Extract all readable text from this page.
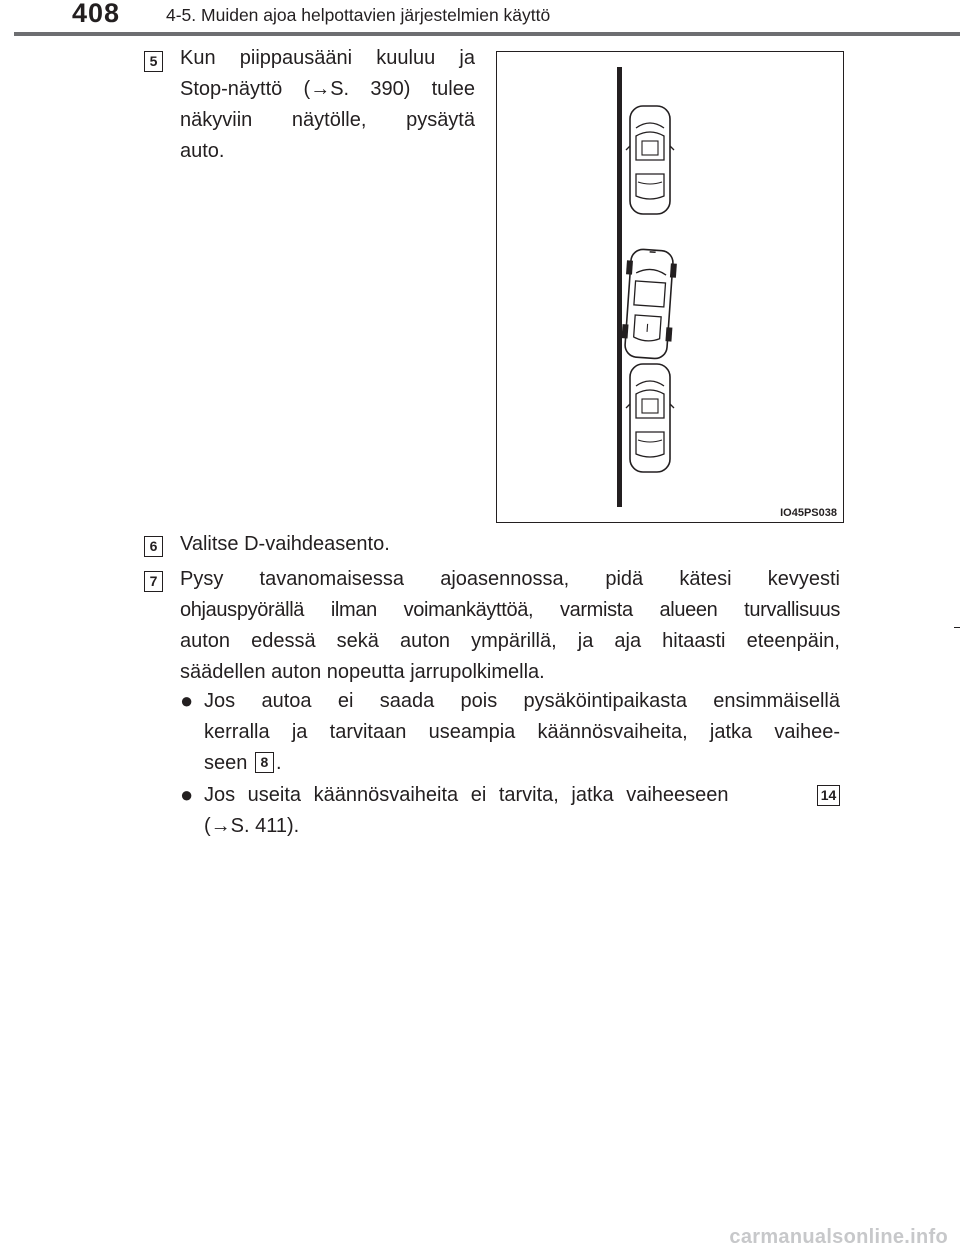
408	4-5. Muiden ajoa helpottavien järjestelmien käyttö
5 Kun piippausääni kuuluu ja
Stop-näyttö (→S. 390) tulee
näkyviin näytölle, pysäytä
auto.
IO45PS038
6 Valitse D-vaihdeasento.
7 Pysy tavanomaisessa ajoasennossa, pidä kätesi kevyesti
ohjauspyörällä ilman voimankäyttöä, varmista alueen turvallisuus
auton edessä sekä auton ympärillä, ja aja hitaasti eteenpäin,
säädellen auton nopeutta jarrupolkimella.
● Jos autoa ei saada pois pysäköintipaikasta ensimmäisellä
kerralla ja tarvitaan useampia käännösvaiheita, jatka vaihee-
seen 8 .
● Jos useita käännösvaiheita ei tarvita, jatka vaiheeseen	14
(→S. 411).
carmanualsonline.info
